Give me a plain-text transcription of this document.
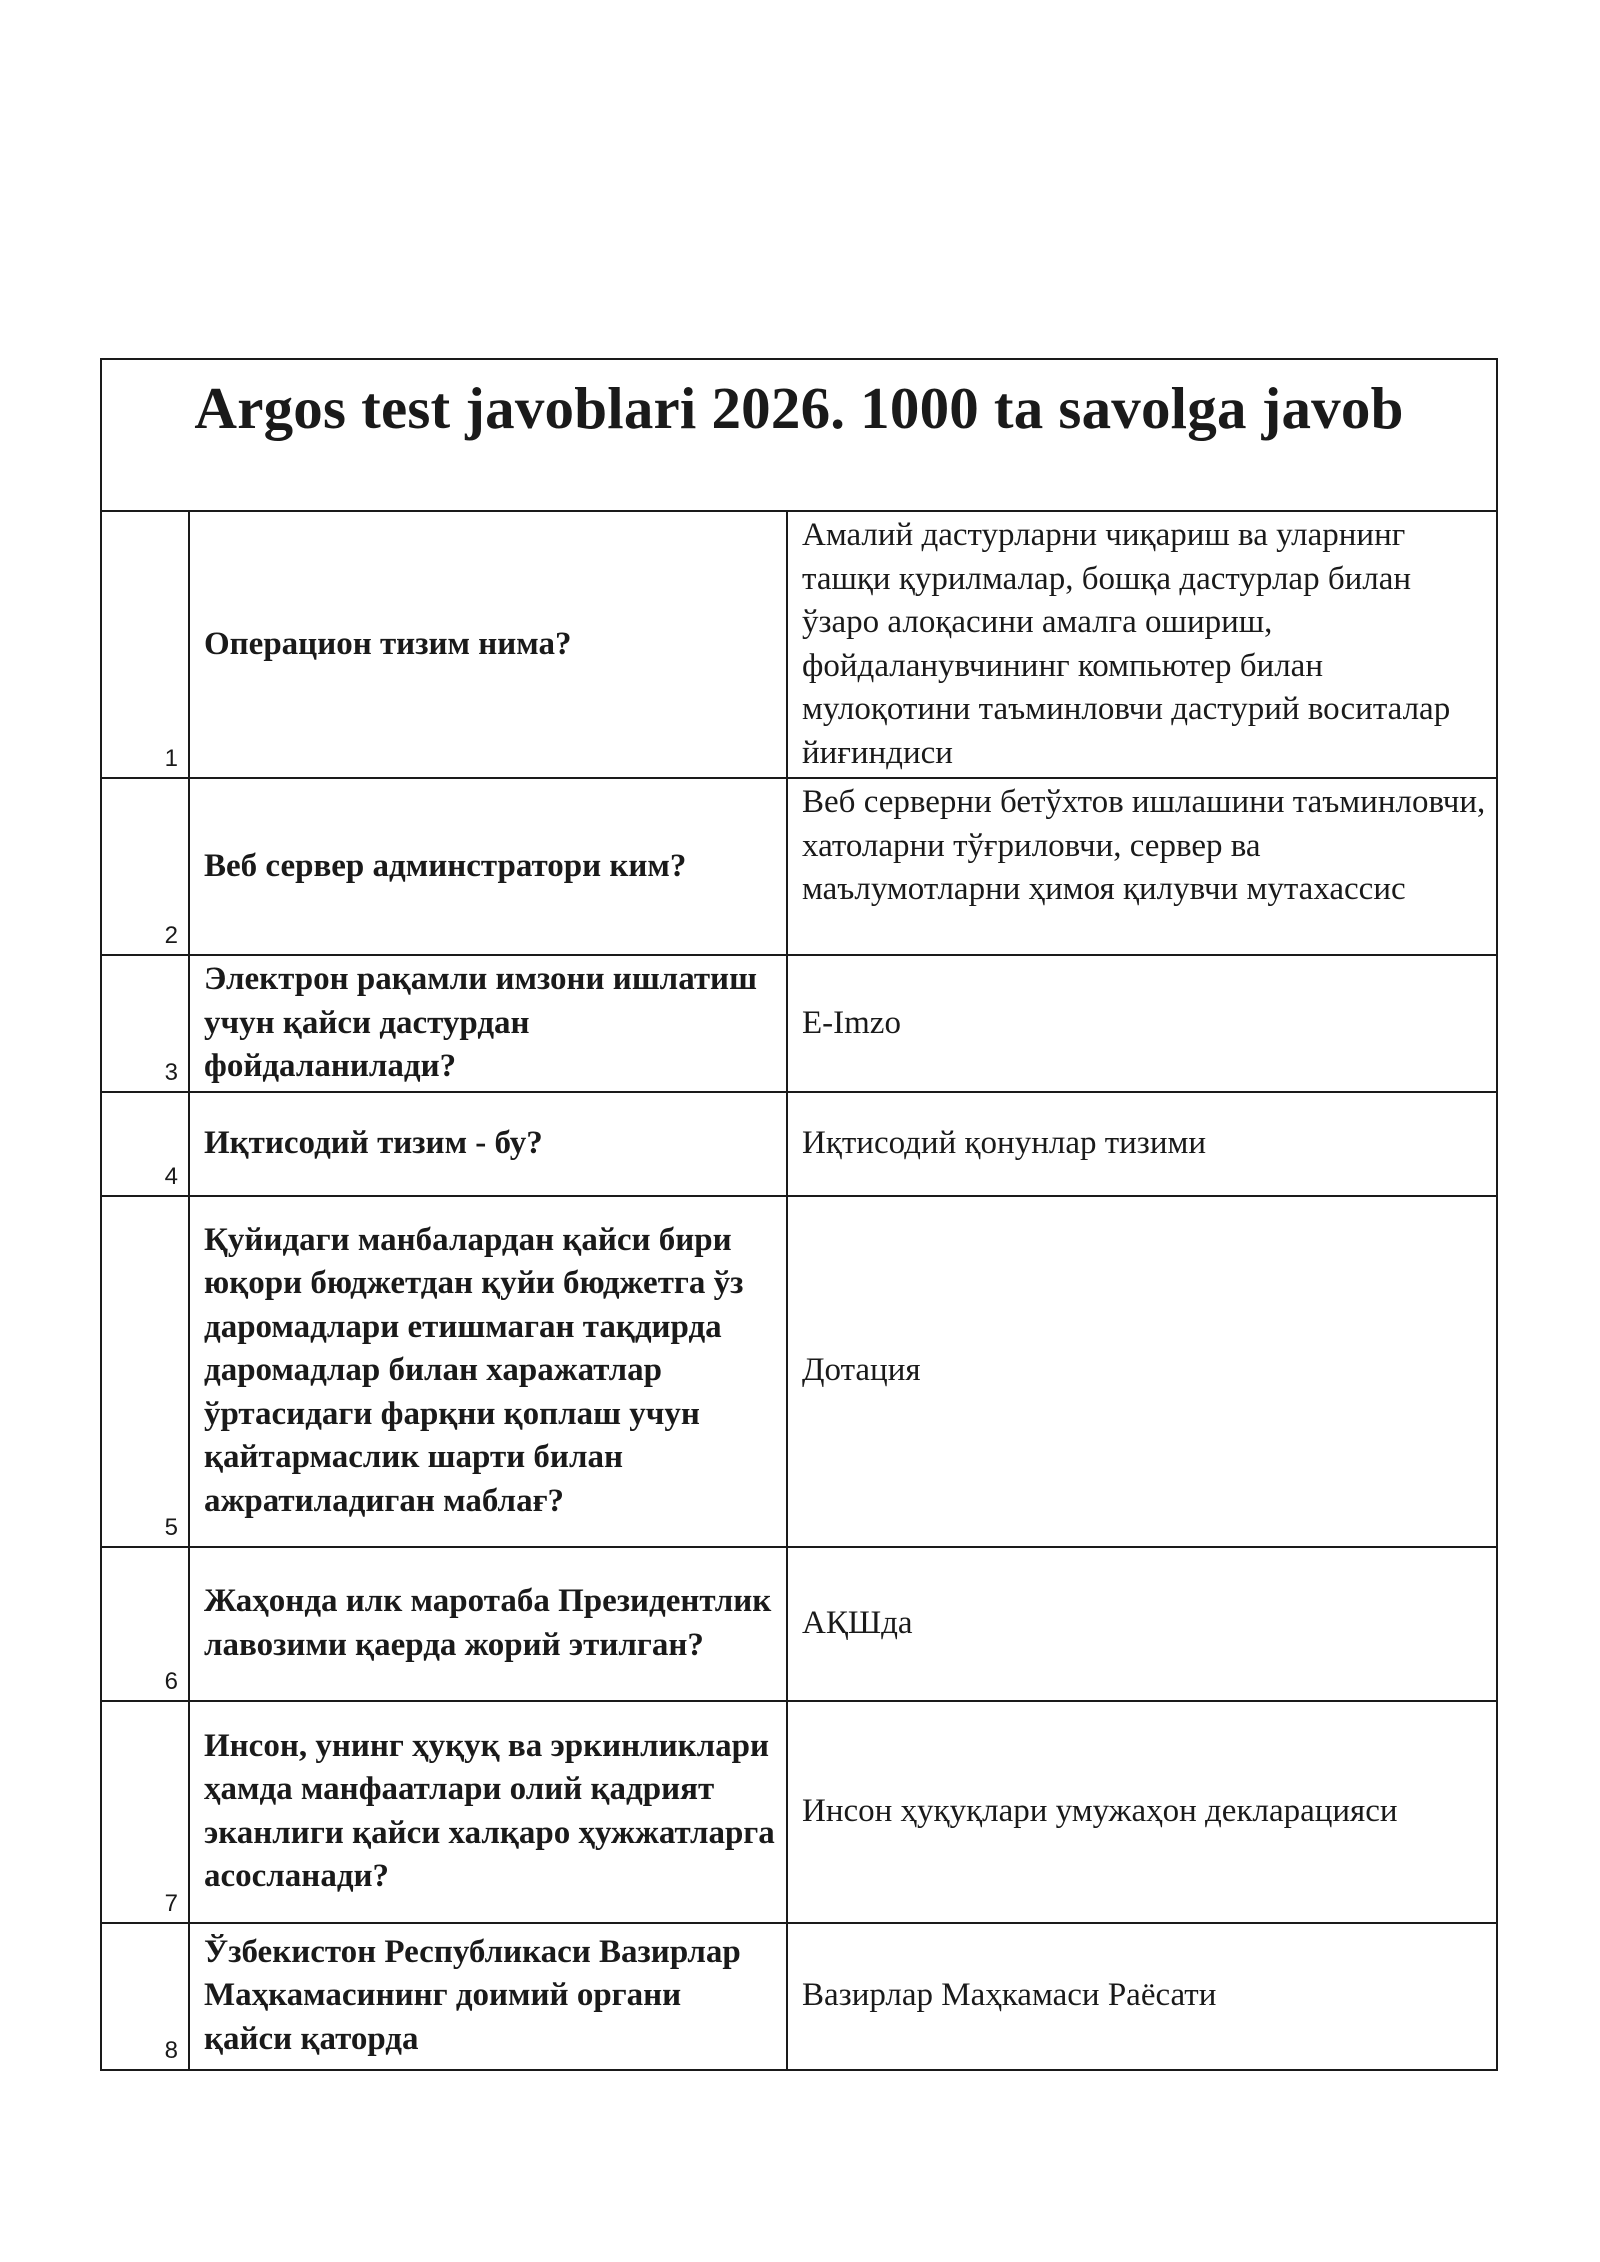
Argos test javoblari 2026. 1000 ta savolga javob		

1	Операцион тизим нима?	Амалий дастурларни чиқариш ва уларнинг ташқи қурилмалар, бошқа дастурлар билан ўзаро алоқасини амалга ошириш, фойдаланувчининг компьютер билан мулоқотини таъминловчи дастурий воситалар йиғиндиси

2	Веб сервер админстратори ким?	Веб серверни бетўхтов ишлашини таъминловчи, хатоларни тўғриловчи, сервер ва маълумотларни ҳимоя қилувчи мутахассис

3	Электрон рақамли имзони ишлатиш учун қайси дастурдан фойдаланилади?	E-Imzo

4	Иқтисодий тизим - бу?	Иқтисодий қонунлар тизими

5	Қуйидаги манбалардан қайси бири юқори бюджетдан қуйи бюджетга ўз даромадлари етишмаган тақдирда даромадлар билан харажатлар ўртасидаги фарқни қоплаш учун қайтармаслик шарти билан ажратиладиган маблағ?	Дотация

6	Жаҳонда илк маротаба Президентлик лавозими қаерда жорий этилган?	АҚШда

7	Инсон, унинг ҳуқуқ ва эркинликлари ҳамда манфаатлари олий қадрият эканлиги қайси халқаро ҳужжатларга асосланади?	Инсон ҳуқуқлари умужаҳон декларацияси

8	Ўзбекистон Республикаси Вазирлар Маҳкамасининг доимий органи қайси қаторда	Вазирлар Маҳкамаси Раёсати
